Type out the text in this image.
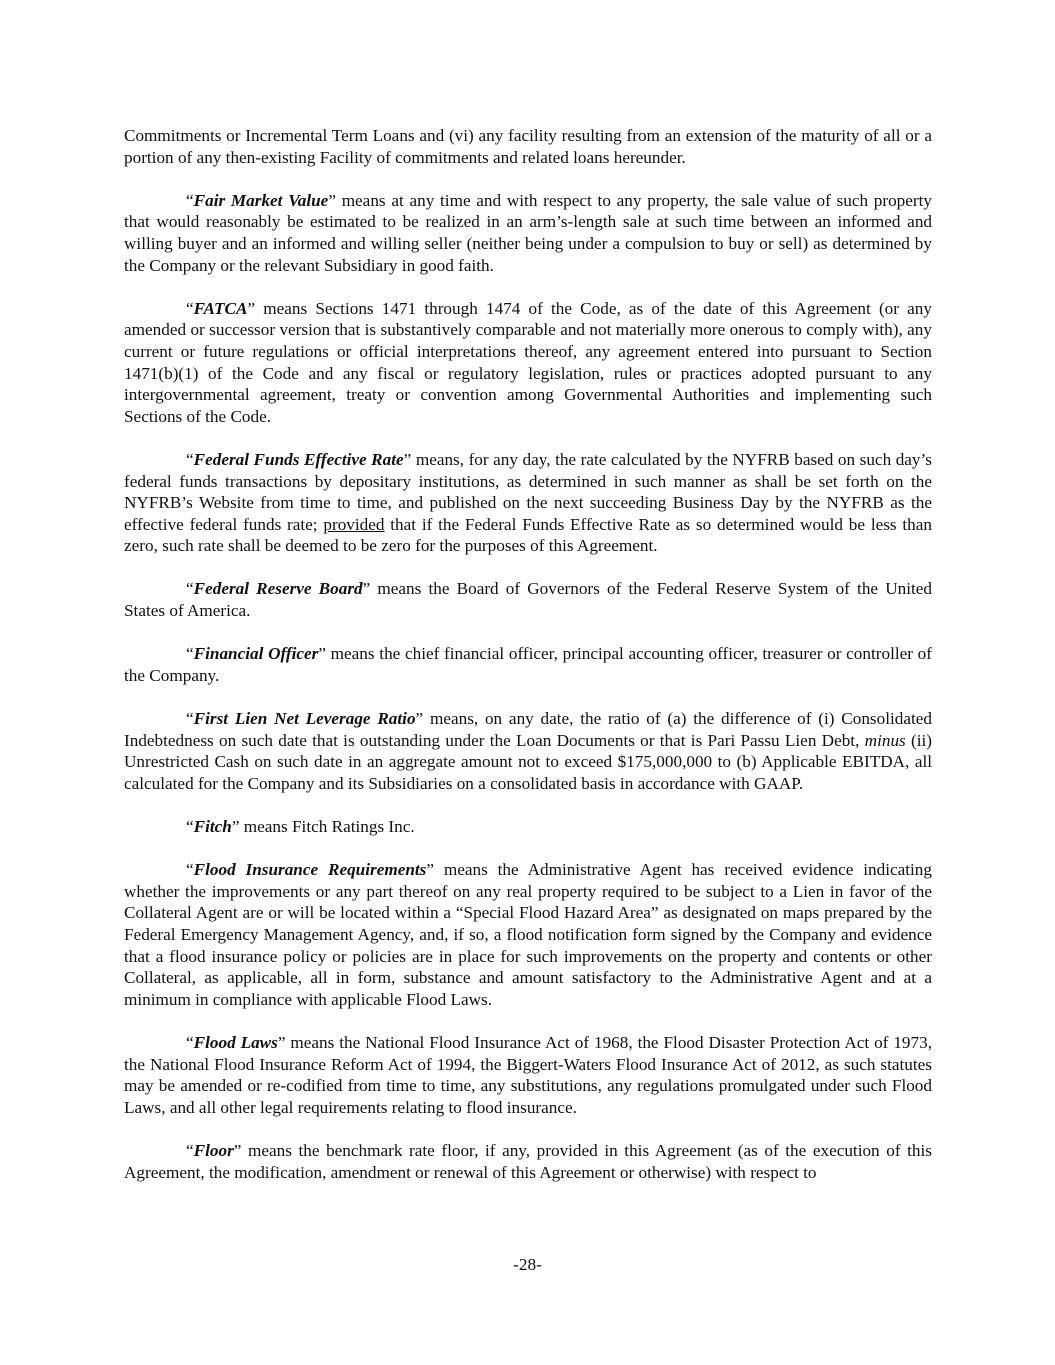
Commitments or Incremental Term Loans and (vi) any facility resulting from an extension of the maturity of all or a portion of any then-existing Facility of commitments and related loans hereunder.

“Fair Market Value” means at any time and with respect to any property, the sale value of such property that would reasonably be estimated to be realized in an arm’s-length sale at such time between an informed and willing buyer and an informed and willing seller (neither being under a compulsion to buy or sell) as determined by the Company or the relevant Subsidiary in good faith.

“FATCA” means Sections 1471 through 1474 of the Code, as of the date of this Agreement (or any amended or successor version that is substantively comparable and not materially more onerous to comply with), any current or future regulations or official interpretations thereof, any agreement entered into pursuant to Section 1471(b)(1) of the Code and any fiscal or regulatory legislation, rules or practices adopted pursuant to any intergovernmental agreement, treaty or convention among Governmental Authorities and implementing such Sections of the Code.

“Federal Funds Effective Rate” means, for any day, the rate calculated by the NYFRB based on such day’s federal funds transactions by depositary institutions, as determined in such manner as shall be set forth on the NYFRB’s Website from time to time, and published on the next succeeding Business Day by the NYFRB as the effective federal funds rate; provided that if the Federal Funds Effective Rate as so determined would be less than zero, such rate shall be deemed to be zero for the purposes of this Agreement.

“Federal Reserve Board” means the Board of Governors of the Federal Reserve System of the United States of America.

“Financial Officer” means the chief financial officer, principal accounting officer, treasurer or controller of the Company.

“First Lien Net Leverage Ratio” means, on any date, the ratio of (a) the difference of (i) Consolidated Indebtedness on such date that is outstanding under the Loan Documents or that is Pari Passu Lien Debt, minus (ii) Unrestricted Cash on such date in an aggregate amount not to exceed $175,000,000 to (b) Applicable EBITDA, all calculated for the Company and its Subsidiaries on a consolidated basis in accordance with GAAP.

“Fitch” means Fitch Ratings Inc.

“Flood Insurance Requirements” means the Administrative Agent has received evidence indicating whether the improvements or any part thereof on any real property required to be subject to a Lien in favor of the Collateral Agent are or will be located within a “Special Flood Hazard Area” as designated on maps prepared by the Federal Emergency Management Agency, and, if so, a flood notification form signed by the Company and evidence that a flood insurance policy or policies are in place for such improvements on the property and contents or other Collateral, as applicable, all in form, substance and amount satisfactory to the Administrative Agent and at a minimum in compliance with applicable Flood Laws.

“Flood Laws” means the National Flood Insurance Act of 1968, the Flood Disaster Protection Act of 1973, the National Flood Insurance Reform Act of 1994, the Biggert-Waters Flood Insurance Act of 2012, as such statutes may be amended or re-codified from time to time, any substitutions, any regulations promulgated under such Flood Laws, and all other legal requirements relating to flood insurance.

“Floor” means the benchmark rate floor, if any, provided in this Agreement (as of the execution of this Agreement, the modification, amendment or renewal of this Agreement or otherwise) with respect to

-28-
